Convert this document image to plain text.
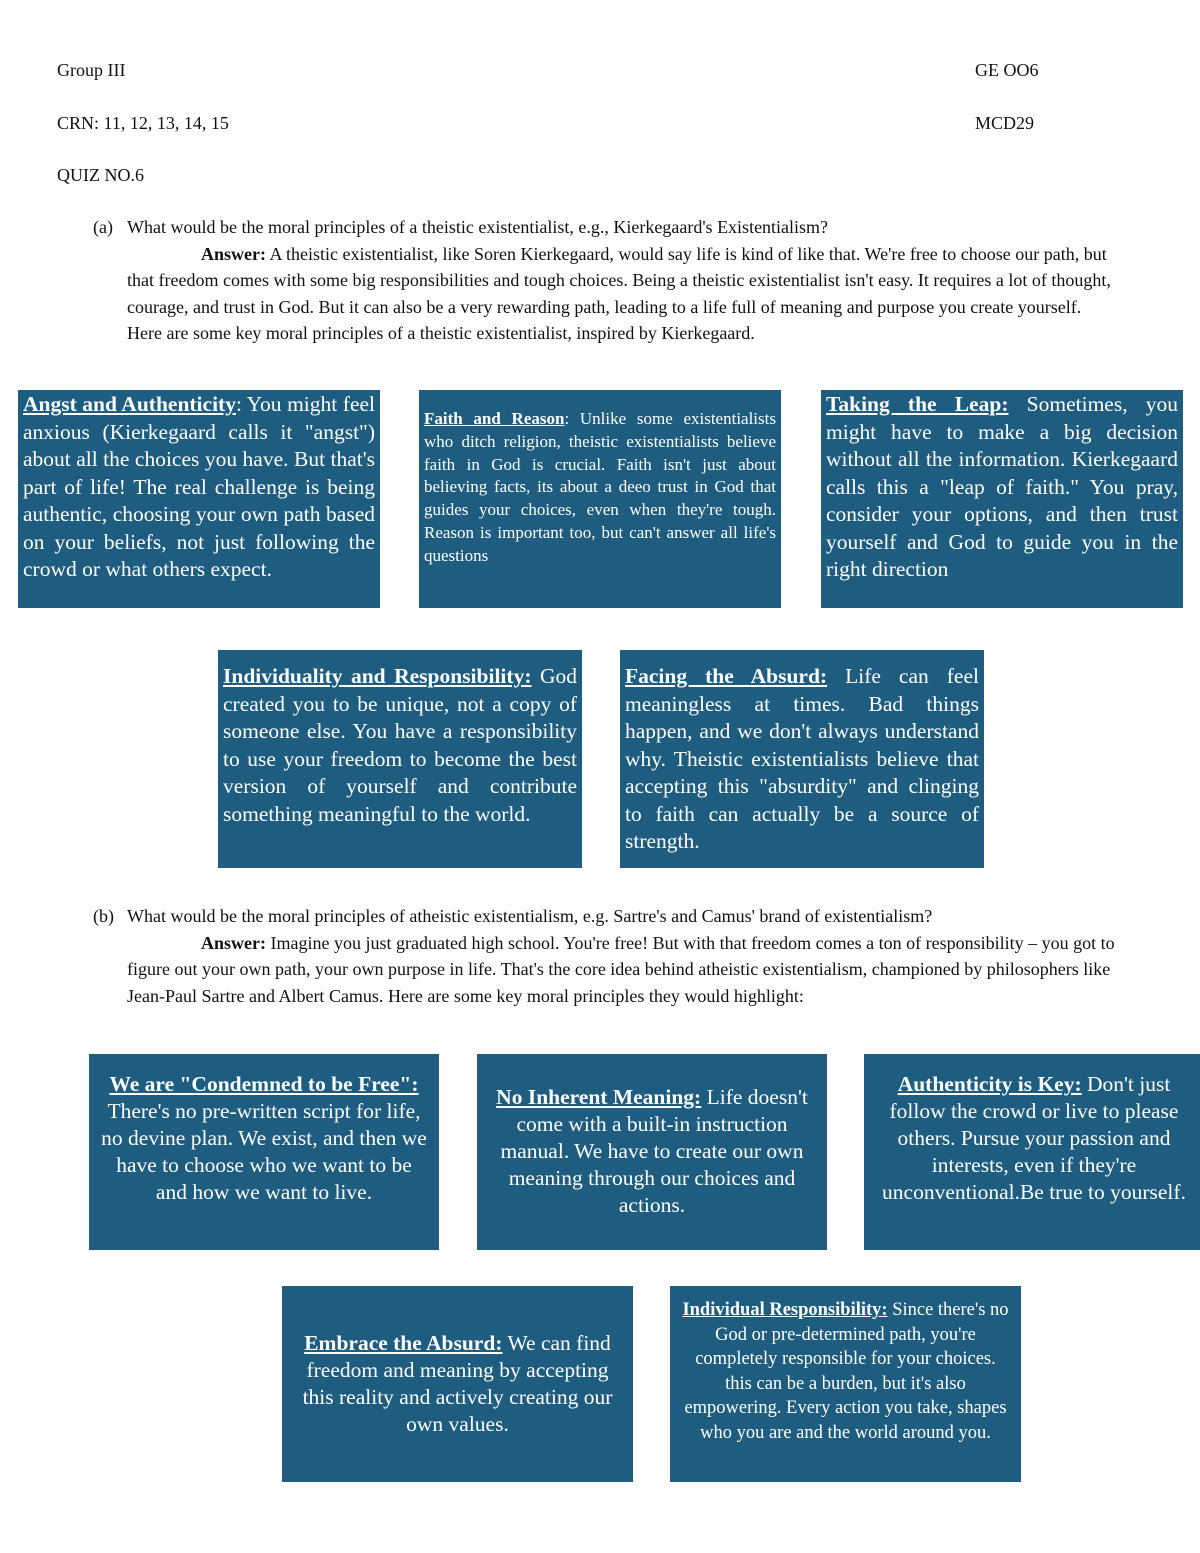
Group III	GE OO6
CRN: 11, 12, 13, 14, 15	MCD29
QUIZ NO.6
(a) What would be the moral principles of a theistic existentialist, e.g., Kierkegaard's Existentialism?

Answer: A theistic existentialist, like Soren Kierkegaard, would say life is kind of like that. We're free to choose our path, but that freedom comes with some big responsibilities and tough choices. Being a theistic existentialist isn't easy. It requires a lot of thought, courage, and trust in God. But it can also be a very rewarding path, leading to a life full of meaning and purpose you create yourself. Here are some key moral principles of a theistic existentialist, inspired by Kierkegaard.

Angst and Authenticity: You might feel anxious (Kierkegaard calls it "angst") about all the choices you have. But that's part of life! The real challenge is being authentic, choosing your own path based on your beliefs, not just following the crowd or what others expect.
Faith and Reason: Unlike some existentialists who ditch religion, theistic existentialists believe faith in God is crucial. Faith isn't just about believing facts, its about a deeo trust in God that guides your choices, even when they're tough. Reason is important too, but can't answer all life's questions
Taking the Leap: Sometimes, you might have to make a big decision without all the information. Kierkegaard calls this a "leap of faith." You pray, consider your options, and then trust yourself and God to guide you in the right direction
Individuality and Responsibility: God created you to be unique, not a copy of someone else. You have a responsibility to use your freedom to become the best version of yourself and contribute something meaningful to the world.
Facing the Absurd: Life can feel meaningless at times. Bad things happen, and we don't always understand why. Theistic existentialists believe that accepting this "absurdity" and clinging to faith can actually be a source of strength.
(b) What would be the moral principles of atheistic existentialism, e.g. Sartre's and Camus' brand of existentialism?

Answer: Imagine you just graduated high school. You're free! But with that freedom comes a ton of responsibility – you got to figure out your own path, your own purpose in life. That's the core idea behind atheistic existentialism, championed by philosophers like Jean-Paul Sartre and Albert Camus. Here are some key moral principles they would highlight:

We are "Condemned to be Free": There's no pre-written script for life, no devine plan. We exist, and then we have to choose who we want to be and how we want to live.
No Inherent Meaning: Life doesn't come with a built-in instruction manual. We have to create our own meaning through our choices and actions.
Authenticity is Key: Don't just follow the crowd or live to please others. Pursue your passion and interests, even if they're unconventional.Be true to yourself.
Embrace the Absurd: We can find freedom and meaning by accepting this reality and actively creating our own values.
Individual Responsibility: Since there's no God or pre-determined path, you're completely responsible for your choices. this can be a burden, but it's also empowering. Every action you take, shapes who you are and the world around you.
